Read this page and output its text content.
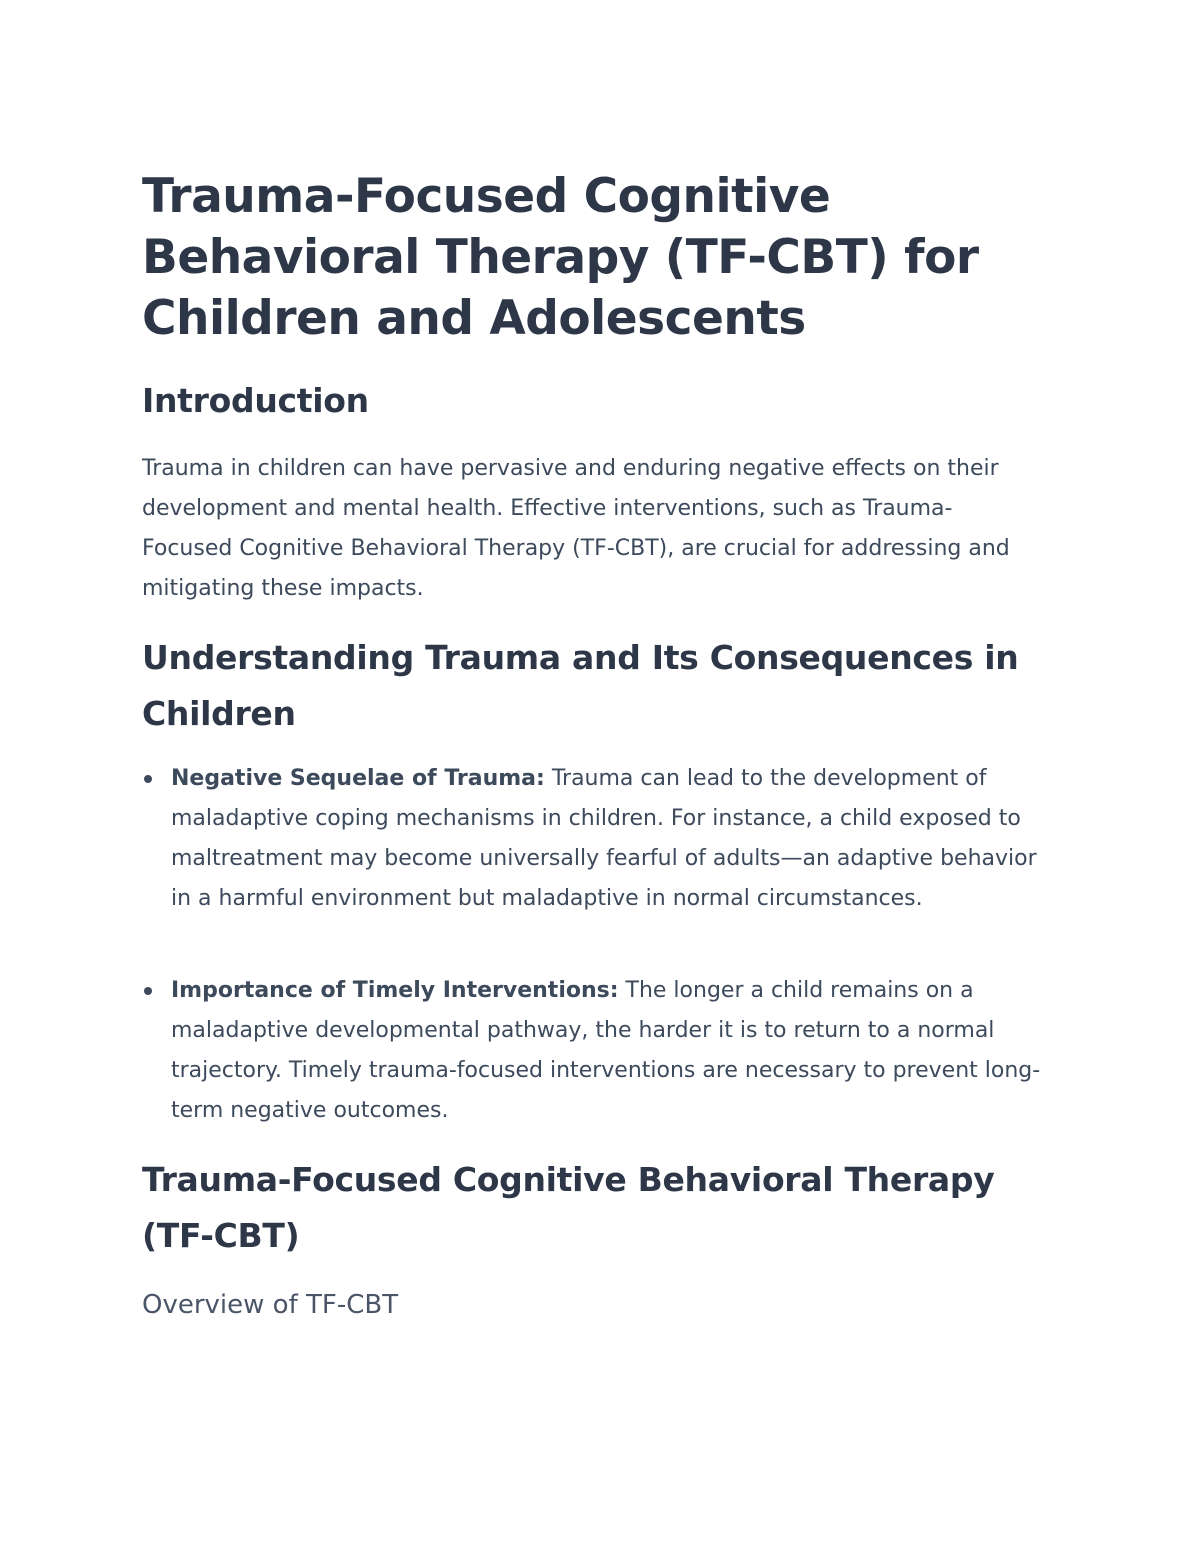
Trauma-Focused Cognitive Behavioral Therapy (TF-CBT) for Children and Adolescents
Introduction

Trauma in children can have pervasive and enduring negative effects on their development and mental health. Effective interventions, such as Trauma-Focused Cognitive Behavioral Therapy (TF-CBT), are crucial for addressing and mitigating these impacts.

Understanding Trauma and Its Consequences in Children
Negative Sequelae of Trauma: Trauma can lead to the development of maladaptive coping mechanisms in children. For instance, a child exposed to maltreatment may become universally fearful of adults—an adaptive behavior in a harmful environment but maladaptive in normal circumstances.
Importance of Timely Interventions: The longer a child remains on a maladaptive developmental pathway, the harder it is to return to a normal trajectory. Timely trauma-focused interventions are necessary to prevent long-term negative outcomes.
Trauma-Focused Cognitive Behavioral Therapy (TF-CBT)
Overview of TF-CBT
